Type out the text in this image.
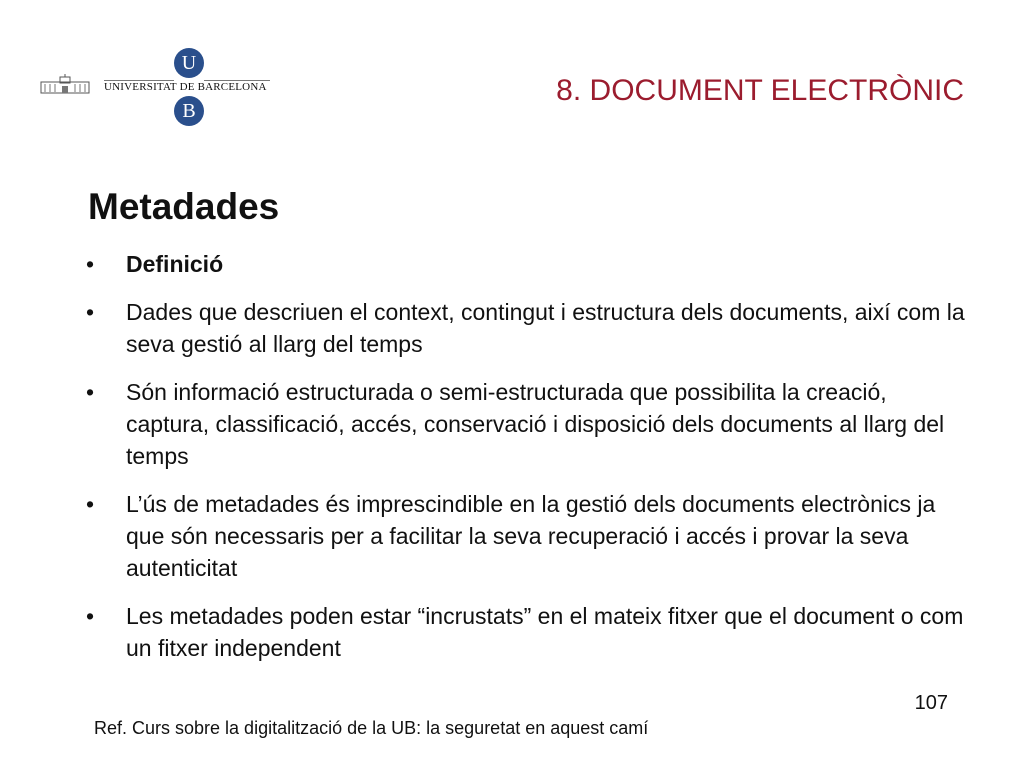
UNIVERSITAT DE BARCELONA
U
B
8. DOCUMENT ELECTRÒNIC
Metadades
• Definició
• Dades que descriuen el context, contingut i estructura dels documents, així com la seva gestió al llarg del temps
• Són informació estructurada o semi-estructurada que possibilita la creació, captura, classificació, accés, conservació i disposició dels documents al llarg del temps
• L’ús de metadades és imprescindible en la gestió dels documents electrònics ja que són necessaris per a facilitar la seva recuperació i accés i provar la seva autenticitat
• Les metadades poden estar “incrustats” en el mateix fitxer que el document o com un fitxer independent
107
Ref. Curs sobre la digitalització de la UB: la seguretat en aquest camí
